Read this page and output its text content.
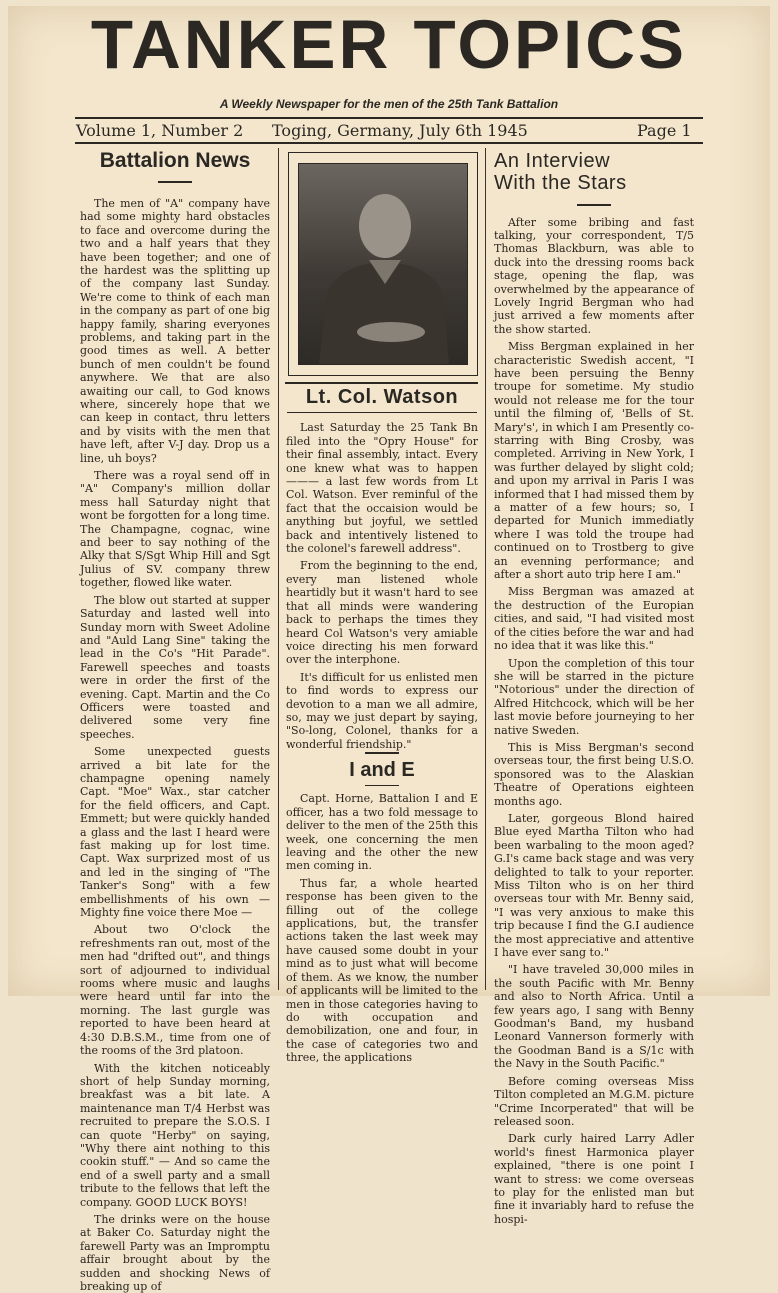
TANKER TOPICS
A Weekly Newspaper for the men of the 25th Tank Battalion
Volume 1, Number 2 Toging, Germany, July 6th 1945	Page 1
Battalion News

The men of "A" company have had some mighty hard obstacles to face and overcome during the two and a half years that they have been together; and one of the hardest was the splitting up of the company last Sunday. We're come to think of each man in the company as part of one big happy family, sharing everyones problems, and taking part in the good times as well. A better bunch of men couldn't be found anywhere. We that are also awaiting our call, to God knows where, sincerely hope that we can keep in contact, thru letters and by visits with the men that have left, after V-J day. Drop us a line, uh boys?

There was a royal send off in "A" Company's million dollar mess hall Saturday night that wont be forgotten for a long time. The Champagne, cognac, wine and beer to say nothing of the Alky that S/Sgt Whip Hill and Sgt Julius of SV. company threw together, flowed like water.

The blow out started at supper Saturday and lasted well into Sunday morn with Sweet Adoline and "Auld Lang Sine" taking the lead in the Co's "Hit Parade". Farewell speeches and toasts were in order the first of the evening. Capt. Martin and the Co Officers were toasted and delivered some very fine speeches.

Some unexpected guests arrived a bit late for the champagne opening namely Capt. "Moe" Wax., star catcher for the field officers, and Capt. Emmett; but were quickly handed a glass and the last I heard were fast making up for lost time. Capt. Wax surprized most of us and led in the singing of "The Tanker's Song" with a few embellishments of his own — Mighty fine voice there Moe —

About two O'clock the refreshments ran out, most of the men had "drifted out", and things sort of adjourned to individual rooms where music and laughs were heard until far into the morning. The last gurgle was reported to have been heard at 4:30 D.B.S.M., time from one of the rooms of the 3rd platoon.

With the kitchen noticeably short of help Sunday morning, breakfast was a bit late. A maintenance man T/4 Herbst was recruited to prepare the S.O.S. I can quote "Herby" on saying, "Why there aint nothing to this cookin stuff." — And so came the end of a swell party and a small tribute to the fellows that left the company. GOOD LUCK BOYS!

The drinks were on the house at Baker Co. Saturday night the farewell Party was an Impromptu affair brought about by the sudden and shocking News of breaking up of

Lt. Col. Watson

Last Saturday the 25 Tank Bn filed into the "Opry House" for their final assembly, intact. Every one knew what was to happen ——— a last few words from Lt Col. Watson. Ever reminful of the fact that the occaision would be anything but joyful, we settled back and intentively listened to the colonel's farewell address".

From the beginning to the end, every man listened whole heartidly but it wasn't hard to see that all minds were wandering back to perhaps the times they heard Col Watson's very amiable voice directing his men forward over the interphone.

It's difficult for us enlisted men to find words to express our devotion to a man we all admire, so, may we just depart by saying, "So-long, Colonel, thanks for a wonderful friendship."

I and E

Capt. Horne, Battalion I and E officer, has a two fold message to deliver to the men of the 25th this week, one concerning the men leaving and the other the new men coming in.

Thus far, a whole hearted response has been given to the filling out of the college applications, but, the transfer actions taken the last week may have caused some doubt in your mind as to just what will become of them. As we know, the number of applicants will be limited to the men in those categories having to do with occupation and demobilization, one and four, in the case of categories two and three, the applications

An Interview
With the Stars

After some bribing and fast talking, your correspondent, T/5 Thomas Blackburn, was able to duck into the dressing rooms back stage, opening the flap, was overwhelmed by the appearance of Lovely Ingrid Bergman who had just arrived a few moments after the show started.

Miss Bergman explained in her characteristic Swedish accent, "I have been persuing the Benny troupe for sometime. My studio would not release me for the tour until the filming of, 'Bells of St. Mary's', in which I am Presently co-starring with Bing Crosby, was completed. Arriving in New York, I was further delayed by slight cold; and upon my arrival in Paris I was informed that I had missed them by a matter of a few hours; so, I departed for Munich immediatly where I was told the troupe had continued on to Trostberg to give an evenning performance; and after a short auto trip here I am."

Miss Bergman was amazed at the destruction of the Europian cities, and said, "I had visited most of the cities before the war and had no idea that it was like this."

Upon the completion of this tour she will be starred in the picture "Notorious" under the direction of Alfred Hitchcock, which will be her last movie before journeying to her native Sweden.

This is Miss Bergman's second overseas tour, the first being U.S.O. sponsored was to the Alaskian Theatre of Operations eighteen months ago.

Later, gorgeous Blond haired Blue eyed Martha Tilton who had been warbaling to the moon aged? G.I's came back stage and was very delighted to talk to your reporter. Miss Tilton who is on her third overseas tour with Mr. Benny said, "I was very anxious to make this trip because I find the G.I audience the most appreciative and attentive I have ever sang to."

"I have traveled 30,000 miles in the south Pacific with Mr. Benny and also to North Africa. Until a few years ago, I sang with Benny Goodman's Band, my husband Leonard Vannerson formerly with the Goodman Band is a S/1c with the Navy in the South Pacific."

Before coming overseas Miss Tilton completed an M.G.M. picture "Crime Incorperated" that will be released soon.

Dark curly haired Larry Adler world's finest Harmonica player explained, "there is one point I want to stress: we come overseas to play for the enlisted man but fine it invariably hard to refuse the hospi-
